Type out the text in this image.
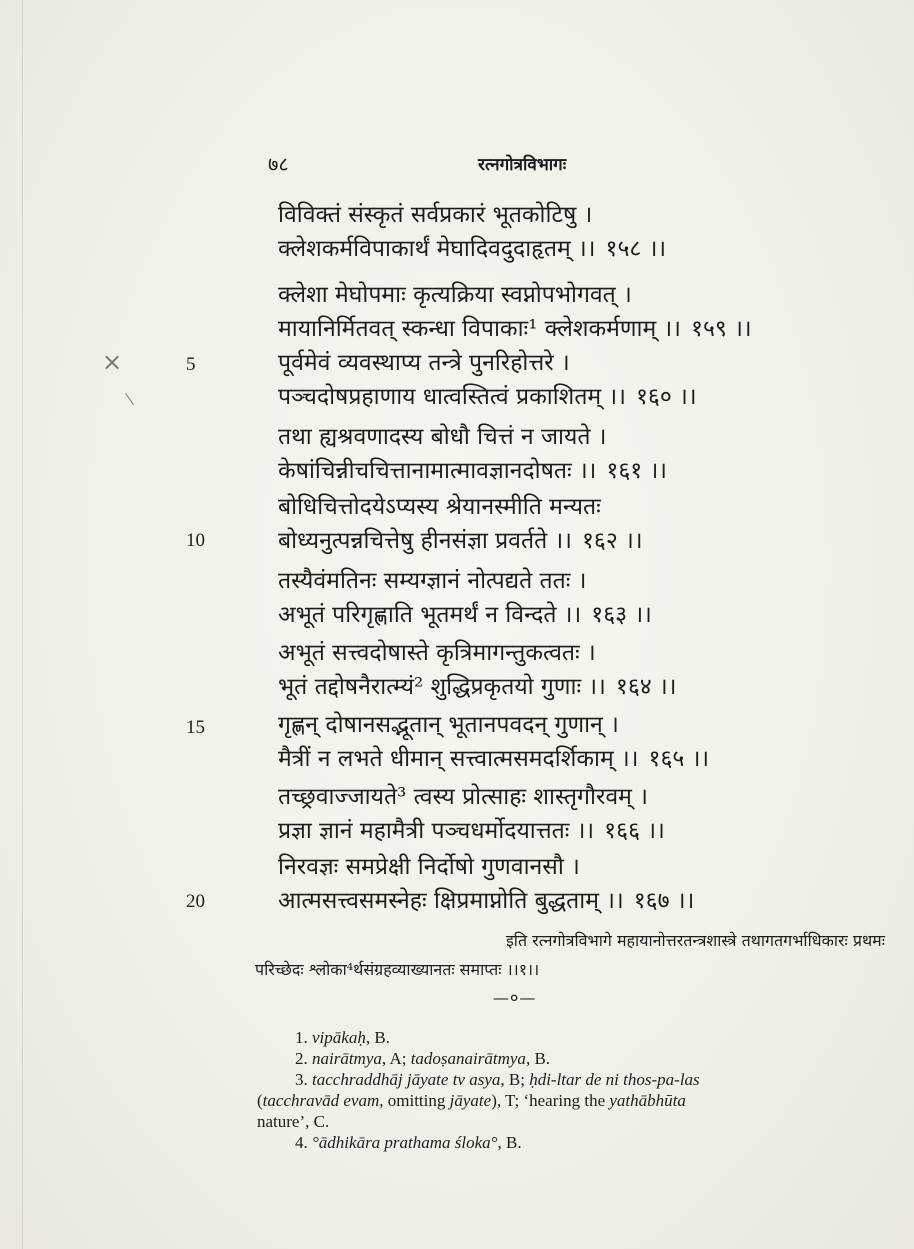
७८	रत्नगोत्रविभागः
×	5
10
15
20
विविक्तं संस्कृतं सर्वप्रकारं भूतकोटिषु ।
क्लेशकर्मविपाकार्थं मेघादिवदुदाहृतम् ।। १५८ ।।
क्लेशा मेघोपमाः कृत्यक्रिया स्वप्नोपभोगवत् ।
मायानिर्मितवत् स्कन्धा विपाकाः¹ क्लेशकर्मणाम् ।। १५९ ।।
पूर्वमेवं व्यवस्थाप्य तन्त्रे पुनरिहोत्तरे ।
पञ्चदोषप्रहाणाय धात्वस्तित्वं प्रकाशितम् ।। १६० ।।
तथा ह्यश्रवणादस्य बोधौ चित्तं न जायते ।
केषांचिन्नीचचित्तानामात्मावज्ञानदोषतः ।। १६१ ।।
बोधिचित्तोदयेऽप्यस्य श्रेयानस्मीति मन्यतः
बोध्यनुत्पन्नचित्तेषु हीनसंज्ञा प्रवर्तते ।। १६२ ।।
तस्यैवंमतिनः सम्यग्ज्ञानं नोत्पद्यते ततः ।
अभूतं परिगृह्णाति भूतमर्थं न विन्दते ।। १६३ ।।
अभूतं सत्त्वदोषास्ते कृत्रिमागन्तुकत्वतः ।
भूतं तद्दोषनैरात्म्यं² शुद्धिप्रकृतयो गुणाः ।। १६४ ।।
गृह्णन् दोषानसद्भूतान् भूतानपवदन् गुणान् ।
मैत्रीं न लभते धीमान् सत्त्वात्मसमदर्शिकाम् ।। १६५ ।।
तच्छ्रवाज्जायते³ त्वस्य प्रोत्साहः शास्तृगौरवम् ।
प्रज्ञा ज्ञानं महामैत्री पञ्चधर्मोदयात्ततः ।। १६६ ।।
निरवज्ञः समप्रेक्षी निर्दोषो गुणवानसौ ।
आत्मसत्त्वसमस्नेहः क्षिप्रमाप्नोति बुद्धताम् ।। १६७ ।।
इति रत्नगोत्रविभागे महायानोत्तरतन्त्रशास्त्रे तथागतगर्भाधिकारः प्रथमः
परिच्छेदः श्लोका⁴र्थसंग्रहव्याख्यानतः समाप्तः ।।१।।
—०—
1. vipākaḥ, B.
2. nairātmya, A; tadoṣanairātmya, B.
3. tacchraddhāj jāyate tv asya, B; ḥdi-ltar de ni thos-pa-las
(tacchravād evam, omitting jāyate), T; ‘hearing the yathābhūta
nature’, C.
4. °ādhikāra prathama śloka°, B.
